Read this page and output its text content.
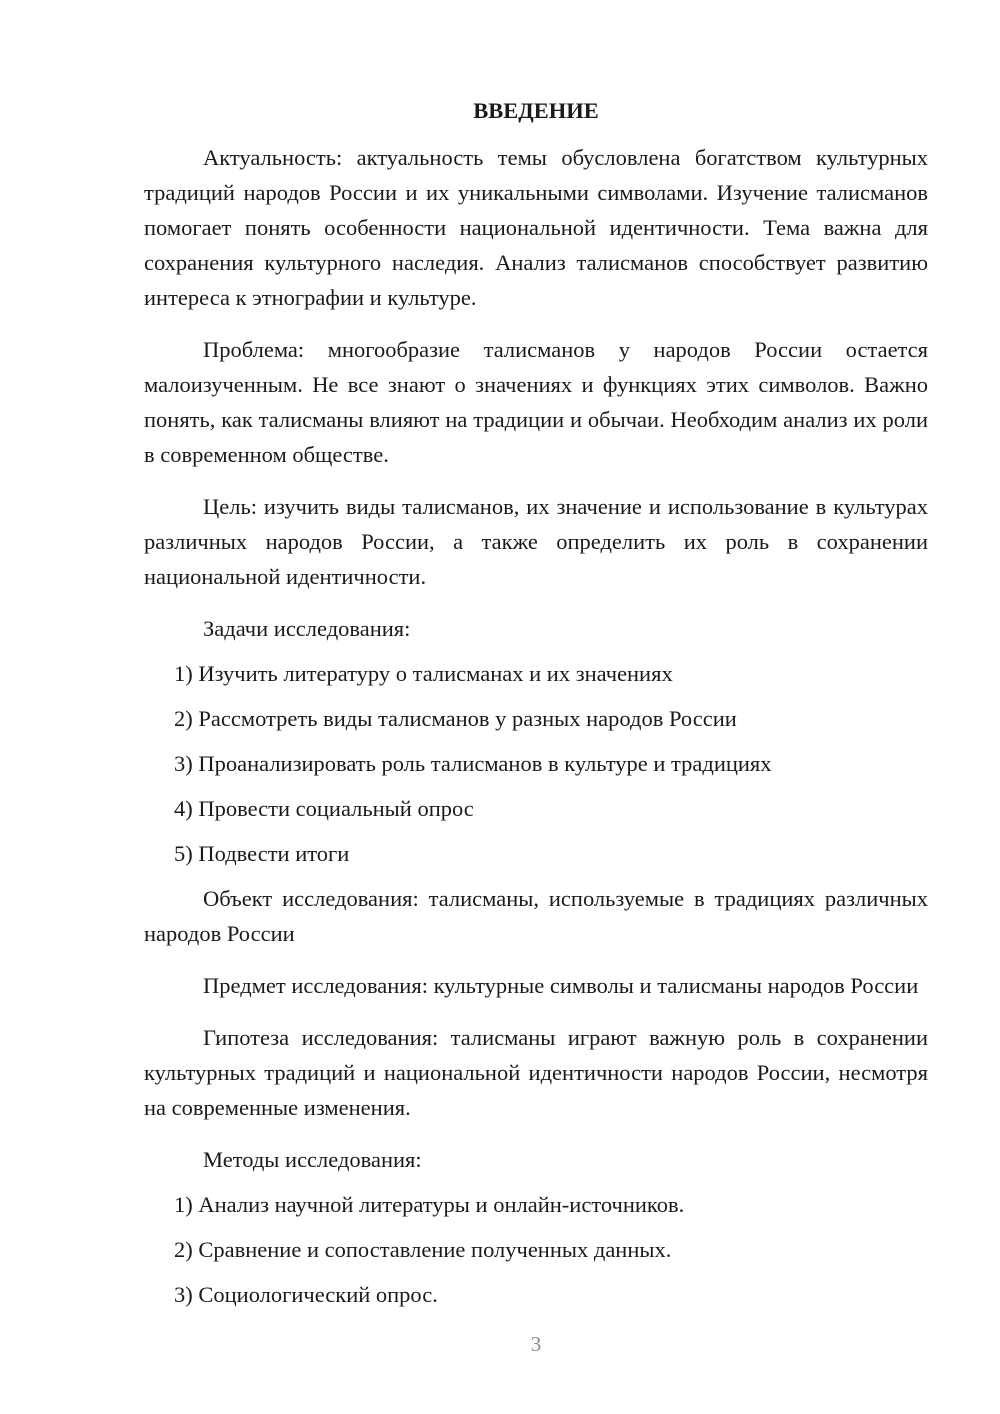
ВВЕДЕНИЕ

Актуальность: актуальность темы обусловлена богатством культурных традиций народов России и их уникальными символами. Изучение талисманов помогает понять особенности национальной идентичности. Тема важна для сохранения культурного наследия. Анализ талисманов способствует развитию интереса к этнографии и культуре.

Проблема: многообразие талисманов у народов России остается малоизученным. Не все знают о значениях и функциях этих символов. Важно понять, как талисманы влияют на традиции и обычаи. Необходим анализ их роли в современном обществе.

Цель: изучить виды талисманов, их значение и использование в культурах различных народов России, а также определить их роль в сохранении национальной идентичности.

Задачи исследования:

1) Изучить литературу о талисманах и их значениях

2) Рассмотреть виды талисманов у разных народов России

3) Проанализировать роль талисманов в культуре и традициях

4) Провести социальный опрос

5) Подвести итоги

Объект исследования: талисманы, используемые в традициях различных народов России

Предмет исследования: культурные символы и талисманы народов России

Гипотеза исследования: талисманы играют важную роль в сохранении культурных традиций и национальной идентичности народов России, несмотря на современные изменения.

Методы исследования:

1) Анализ научной литературы и онлайн-источников.

2) Сравнение и сопоставление полученных данных.

3) Социологический опрос.

3
